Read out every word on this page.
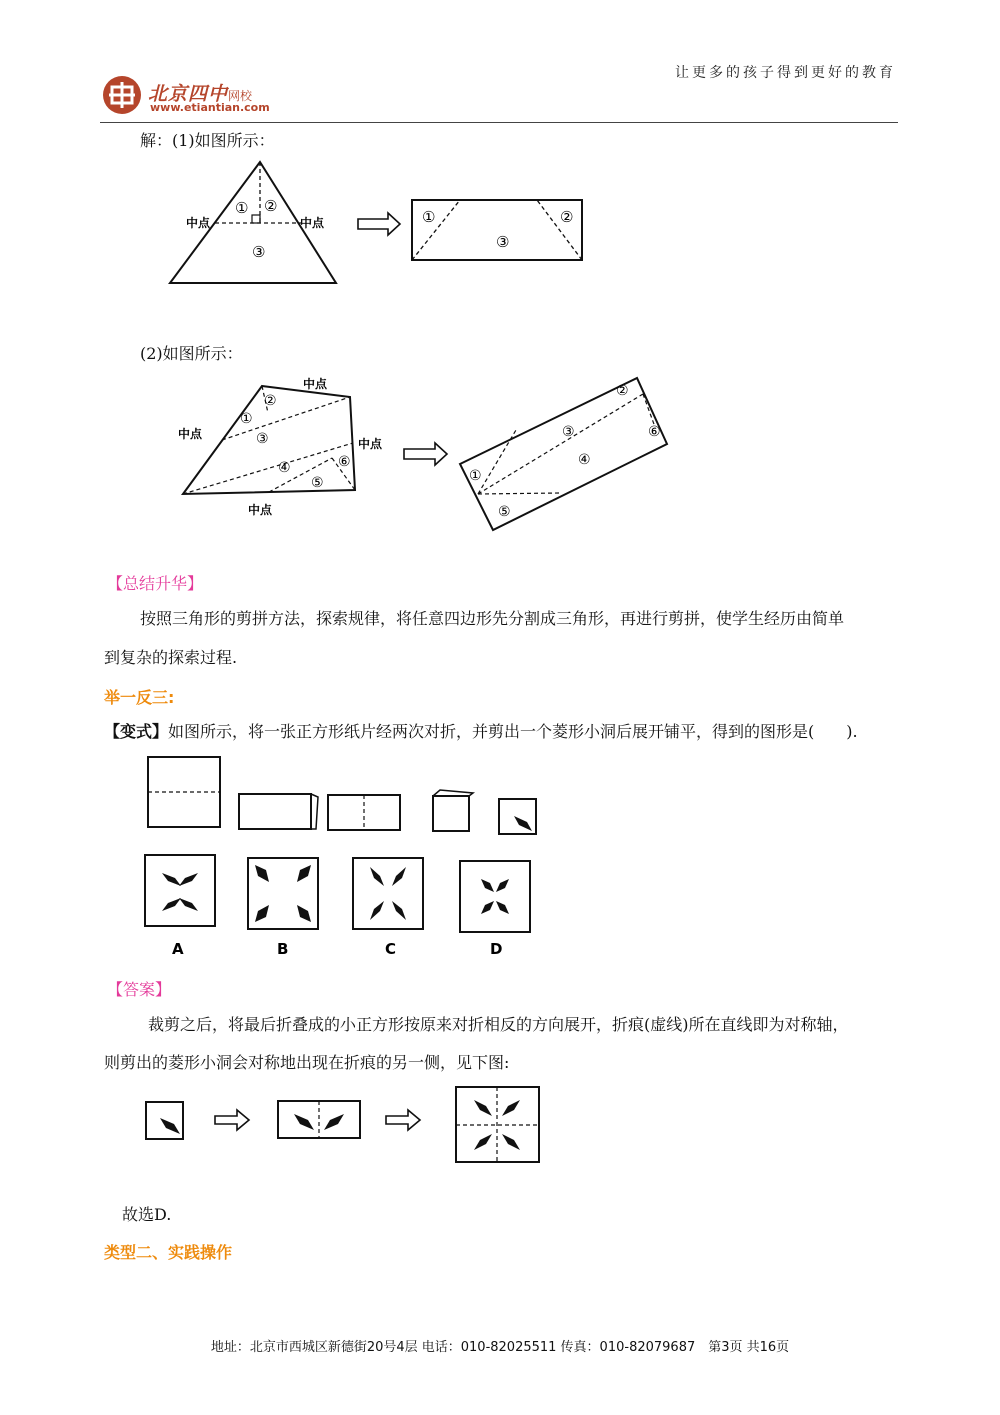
让更多的孩子得到更好的教育
北京四中网校
www.etiantian.com
解：(1)如图所示：
中点	中点
① ②
③
①	②
③
(2)如图所示：
中点
中点
中点
中点
①
②
③
④
⑤
⑥
②
③	⑥
④
①
⑤
【总结升华】
按照三角形的剪拼方法，探索规律，将任意四边形先分割成三角形，再进行剪拼，使学生经历由简单
到复杂的探索过程.
举一反三:
【变式】如图所示，将一张正方形纸片经两次对折，并剪出一个菱形小洞后展开铺平，得到的图形是(　　).
A	B	C	D
【答案】
裁剪之后，将最后折叠成的小正方形按原来对折相反的方向展开，折痕(虚线)所在直线即为对称轴，
则剪出的菱形小洞会对称地出现在折痕的另一侧，见下图:
故选D.
类型二、实践操作
地址：北京市西城区新德街20号4层 电话：010-82025511 传真：010-82079687　第3页 共16页
